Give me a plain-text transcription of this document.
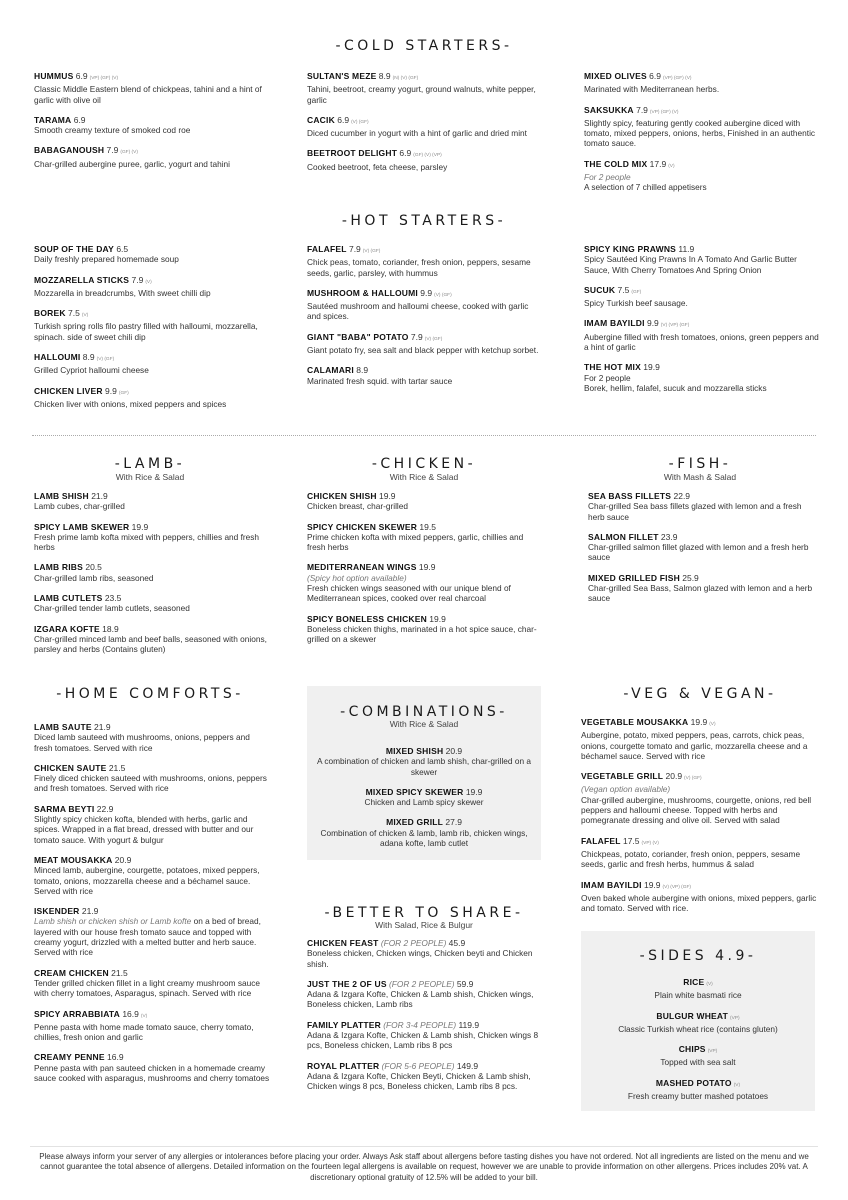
-COLD STARTERS-
-HOT STARTERS-
HUMMUS 6.9 (VP) (GF) (V)
Classic Middle Eastern blend of chickpeas, tahini and a hint of garlic with olive oil
TARAMA 6.9
Smooth creamy texture of smoked cod roe
BABAGANOUSH 7.9 (GF) (V)
Char-grilled aubergine puree, garlic, yogurt and tahini
SULTAN'S MEZE 8.9 (N) (V) (GF)
Tahini, beetroot, creamy yogurt, ground walnuts, white pepper, garlic
CACIK 6.9 (V) (GF)
Diced cucumber in yogurt with a hint of garlic and dried mint
BEETROOT DELIGHT 6.9 (GF) (V) (VP)
Cooked beetroot, feta cheese, parsley
MIXED OLIVES 6.9 (VP) (GF) (V)
Marinated with Mediterranean herbs.
SAKSUKKA 7.9 (VP) (GF) (V)
Slightly spicy, featuring gently cooked aubergine diced with tomato, mixed peppers, onions, herbs, Finished in an authentic tomato sauce.
THE COLD MIX 17.9 (V)
For 2 people
A selection of 7 chilled appetisers
SOUP OF THE DAY 6.5
Daily freshly prepared homemade soup
MOZZARELLA STICKS 7.9 (V)
Mozzarella in breadcrumbs, With sweet chilli dip
BOREK 7.5 (V)
Turkish spring rolls filo pastry filled with halloumi, mozzarella, spinach. side of sweet chili dip
HALLOUMI 8.9 (V) (GF)
Grilled Cypriot halloumi cheese
CHICKEN LIVER 9.9 (GF)
Chicken liver with onions, mixed peppers and spices
FALAFEL 7.9 (V) (GF)
Chick peas, tomato, coriander, fresh onion, peppers, sesame seeds, garlic, parsley, with hummus
MUSHROOM & HALLOUMI 9.9 (V) (GF)
Sautéed mushroom and halloumi cheese, cooked with garlic and spices.
GIANT "BABA" POTATO 7.9 (V) (GF)
Giant potato fry, sea salt and black pepper with ketchup sorbet.
CALAMARI 8.9
Marinated fresh squid. with tartar sauce
SPICY KING PRAWNS 11.9
Spicy Sautéed King Prawns In A Tomato And Garlic Butter Sauce, With Cherry Tomatoes And Spring Onion
SUCUK 7.5 (GF)
Spicy Turkish beef sausage.
IMAM BAYILDI 9.9 (V) (VP) (GF)
Aubergine filled with fresh tomatoes, onions, green peppers and a hint of garlic
THE HOT MIX 19.9
For 2 people
Borek, hellim, falafel, sucuk and mozzarella sticks
-LAMB-
With Rice & Salad
LAMB SHISH 21.9
Lamb cubes, char-grilled
SPICY LAMB SKEWER 19.9
Fresh prime lamb kofta mixed with peppers, chillies and fresh herbs
LAMB RIBS 20.5
Char-grilled lamb ribs, seasoned
LAMB CUTLETS 23.5
Char-grilled tender lamb cutlets, seasoned
IZGARA KOFTE 18.9
Char-grilled minced lamb and beef balls, seasoned with onions, parsley and herbs (Contains gluten)
-CHICKEN-
With Rice & Salad
CHICKEN SHISH 19.9
Chicken breast, char-grilled
SPICY CHICKEN SKEWER 19.5
Prime chicken kofta with mixed peppers, garlic, chillies and fresh herbs
MEDITERRANEAN WINGS 19.9
(Spicy hot option available)
Fresh chicken wings seasoned with our unique blend of Mediterranean spices, cooked over real charcoal
SPICY BONELESS CHICKEN 19.9
Boneless chicken thighs, marinated in a hot spice sauce, char-grilled on a skewer
-FISH-
With Mash & Salad
SEA BASS FILLETS 22.9
Char-grilled Sea bass fillets glazed with lemon and a fresh herb sauce
SALMON FILLET 23.9
Char-grilled salmon fillet glazed with lemon and a fresh herb sauce
MIXED GRILLED FISH 25.9
Char-grilled Sea Bass, Salmon glazed with lemon and a herb sauce
-HOME COMFORTS-
LAMB SAUTE 21.9
Diced lamb sauteed with mushrooms, onions, peppers and fresh tomatoes. Served with rice
CHICKEN SAUTE 21.5
Finely diced chicken sauteed with mushrooms, onions, peppers and fresh tomatoes. Served with rice
SARMA BEYTI 22.9
Slightly spicy chicken kofta, blended with herbs, garlic and spices. Wrapped in a flat bread, dressed with butter and our tomato sauce. With yogurt & bulgur
MEAT MOUSAKKA 20.9
Minced lamb, aubergine, courgette, potatoes, mixed peppers, tomato, onions, mozzarella cheese and a béchamel sauce. Served with rice
ISKENDER 21.9
Lamb shish or chicken shish or Lamb kofte on a bed of bread, layered with our house fresh tomato sauce and topped with creamy yogurt, drizzled with a melted butter and herb sauce. Served with rice
CREAM CHICKEN 21.5
Tender grilled chicken fillet in a light creamy mushroom sauce with cherry tomatoes, Asparagus, spinach. Served with rice
SPICY ARRABBIATA 16.9 (V)
Penne pasta with home made tomato sauce, cherry tomato, chillies, fresh onion and garlic
CREAMY PENNE 16.9
Penne pasta with pan sauteed chicken in a homemade creamy sauce cooked with asparagus, mushrooms and cherry tomatoes
-COMBINATIONS-
With Rice & Salad
MIXED SHISH 20.9
A combination of chicken and lamb shish, char-grilled on a skewer
MIXED SPICY SKEWER 19.9
Chicken and Lamb spicy skewer
MIXED GRILL 27.9
Combination of chicken & lamb, lamb rib, chicken wings, adana kofte, lamb cutlet
-BETTER TO SHARE-
With Salad, Rice & Bulgur
CHICKEN FEAST (FOR 2 PEOPLE) 45.9
Boneless chicken, Chicken wings, Chicken beyti and Chicken shish.
JUST THE 2 OF US (FOR 2 PEOPLE) 59.9
Adana & Izgara Kofte, Chicken & Lamb shish, Chicken wings, Boneless chicken, Lamb ribs
FAMILY PLATTER (FOR 3-4 PEOPLE) 119.9
Adana & Izgara Kofte, Chicken & Lamb shish, Chicken wings 8 pcs, Boneless chicken, Lamb ribs 8 pcs
ROYAL PLATTER (FOR 5-6 PEOPLE) 149.9
Adana & Izgara Kofte, Chicken Beyti, Chicken & Lamb shish, Chicken wings 8 pcs, Boneless chicken, Lamb ribs 8 pcs.
-VEG & VEGAN-
VEGETABLE MOUSAKKA 19.9 (V)
Aubergine, potato, mixed peppers, peas, carrots, chick peas, onions, courgette tomato and garlic, mozzarella cheese and a béchamel sauce. Served with rice
VEGETABLE GRILL 20.9 (V) (GF)
(Vegan option available)
Char-grilled aubergine, mushrooms, courgette, onions, red bell peppers and halloumi cheese. Topped with herbs and pomegranate dressing and olive oil. Served with salad
FALAFEL 17.5 (VP) (V)
Chickpeas, potato, coriander, fresh onion, peppers, sesame seeds, garlic and fresh herbs, hummus & salad
IMAM BAYILDI 19.9 (V) (VP) (GF)
Oven baked whole aubergine with onions, mixed peppers, garlic and tomato. Served with rice.
-SIDES 4.9-
RICE (V)
Plain white basmati rice
BULGUR WHEAT (VP)
Classic Turkish wheat rice (contains gluten)
CHIPS (VP)
Topped with sea salt
MASHED POTATO (V)
Fresh creamy butter mashed potatoes
Please always inform your server of any allergies or intolerances before placing your order. Always Ask staff about allergens before tasting dishes you have not ordered. Not all ingredients are listed on the menu and we cannot guarantee the total absence of allergens. Detailed information on the fourteen legal allergens is available on request, however we are unable to provide information on other allergens. Prices includes 20% vat. A discretionary optional gratuity of 12.5% will be added to your bill.
